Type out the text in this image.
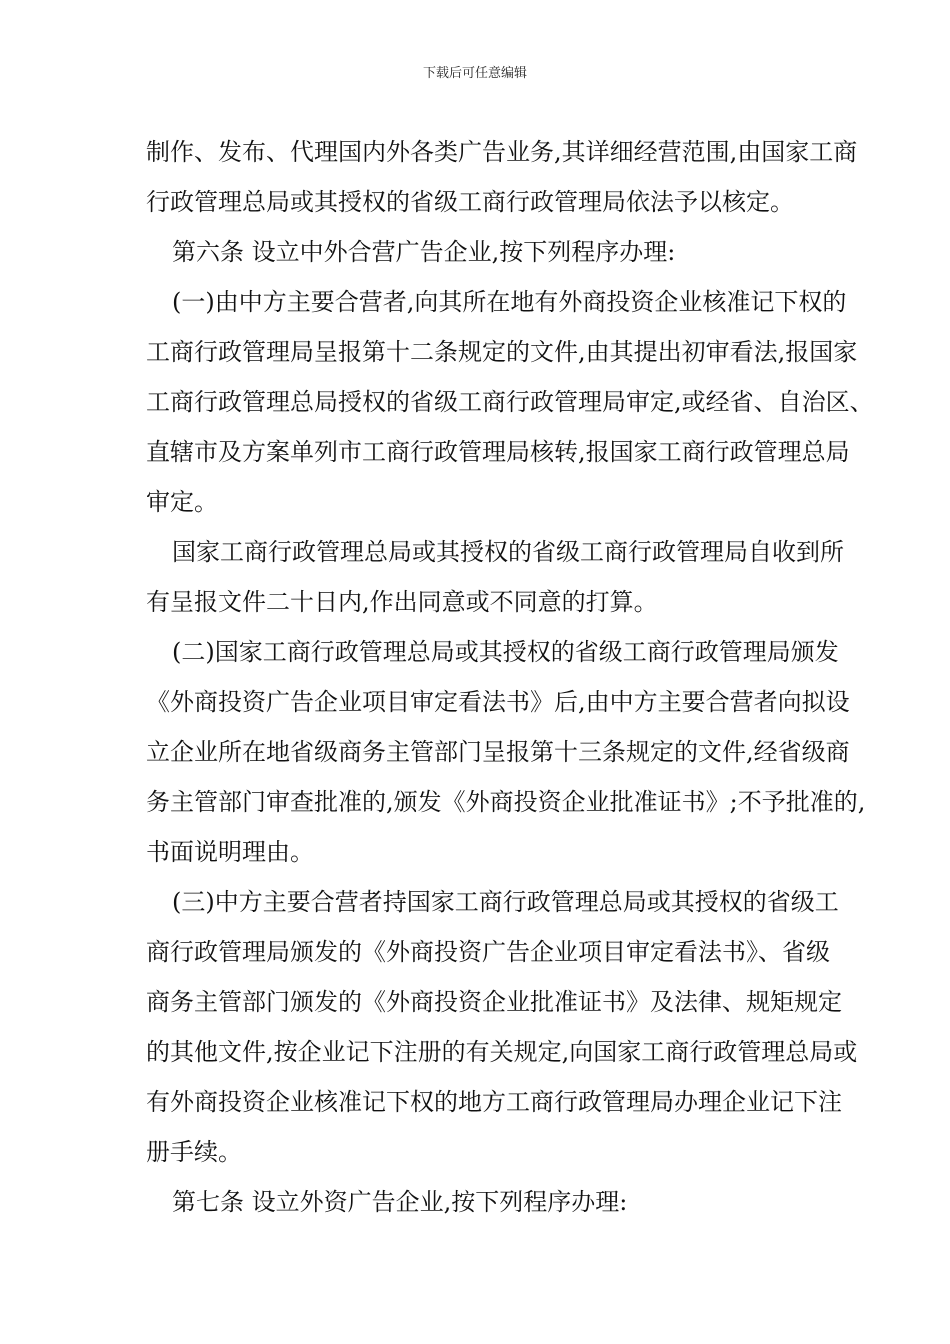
下载后可任意编辑
制作、发布、代理国内外各类广告业务,其详细经营范围,由国家工商
行政管理总局或其授权的省级工商行政管理局依法予以核定。
第六条 设立中外合营广告企业,按下列程序办理:
(一)由中方主要合营者,向其所在地有外商投资企业核准记下权的
工商行政管理局呈报第十二条规定的文件,由其提出初审看法,报国家
工商行政管理总局授权的省级工商行政管理局审定,或经省、自治区、
直辖市及方案单列市工商行政管理局核转,报国家工商行政管理总局
审定。
国家工商行政管理总局或其授权的省级工商行政管理局自收到所
有呈报文件二十日内,作出同意或不同意的打算。
(二)国家工商行政管理总局或其授权的省级工商行政管理局颁发
《外商投资广告企业项目审定看法书》后,由中方主要合营者向拟设
立企业所在地省级商务主管部门呈报第十三条规定的文件,经省级商
务主管部门审查批准的,颁发《外商投资企业批准证书》;不予批准的,
书面说明理由。
(三)中方主要合营者持国家工商行政管理总局或其授权的省级工
商行政管理局颁发的《外商投资广告企业项目审定看法书》、省级
商务主管部门颁发的《外商投资企业批准证书》及法律、规矩规定
的其他文件,按企业记下注册的有关规定,向国家工商行政管理总局或
有外商投资企业核准记下权的地方工商行政管理局办理企业记下注
册手续。
第七条 设立外资广告企业,按下列程序办理:
